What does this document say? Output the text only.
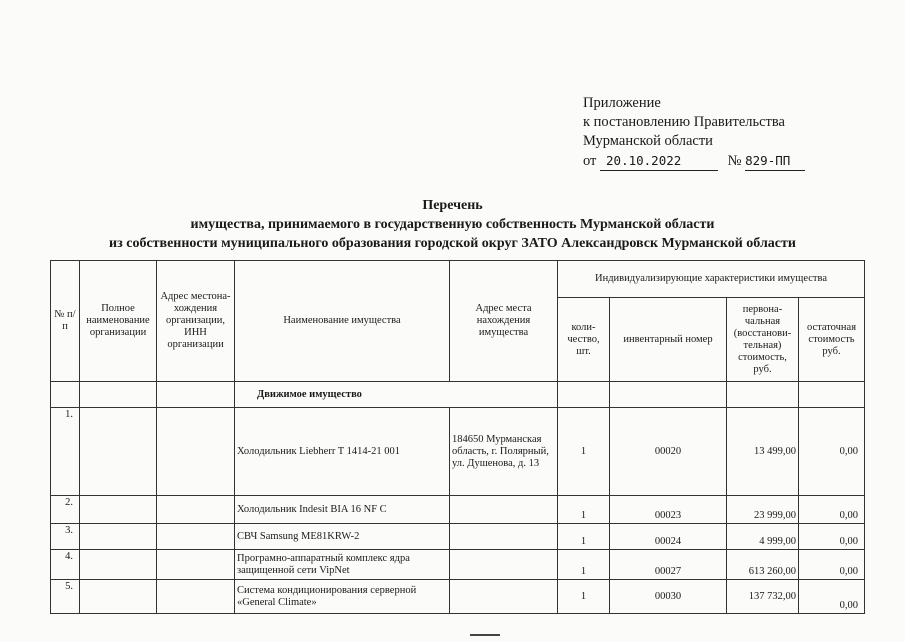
Приложение
к постановлению Правительства
Мурманской области
от 20.10.2022	№ 829-ПП
Перечень
имущества, принимаемого в государственную собственность Мурманской области
из собственности муниципального образования городской округ ЗАТО Александровск Мурманской области
№ п/п	Полное наименование организации	Адрес местона-хождения организации, ИНН организации	Наименование имущества	Адрес места нахождения имущества	Индивидуализирующие характеристики имущества			
					коли-чество, шт.	инвентарный номер	первона-чальная (восстанови-тельная) стоимость, руб.	остаточная стоимость руб.
			Движимое имущество					
1.			Холодильник Liebherr T 1414-21 001	184650 Мурманская область, г. Полярный, ул. Душенова, д. 13	1	00020	13 499,00	0,00
2.			Холодильник Indesit BIA 16 NF C		1	00023	23 999,00	0,00
3.			СВЧ Samsung ME81KRW-2		1	00024	4 999,00	0,00
4.			Програмно-аппаратный комплекс ядра защищенной сети VipNet		1	00027	613 260,00	0,00
5.			Система кондиционирования серверной «General Climate»		1	00030	137 732,00	0,00
